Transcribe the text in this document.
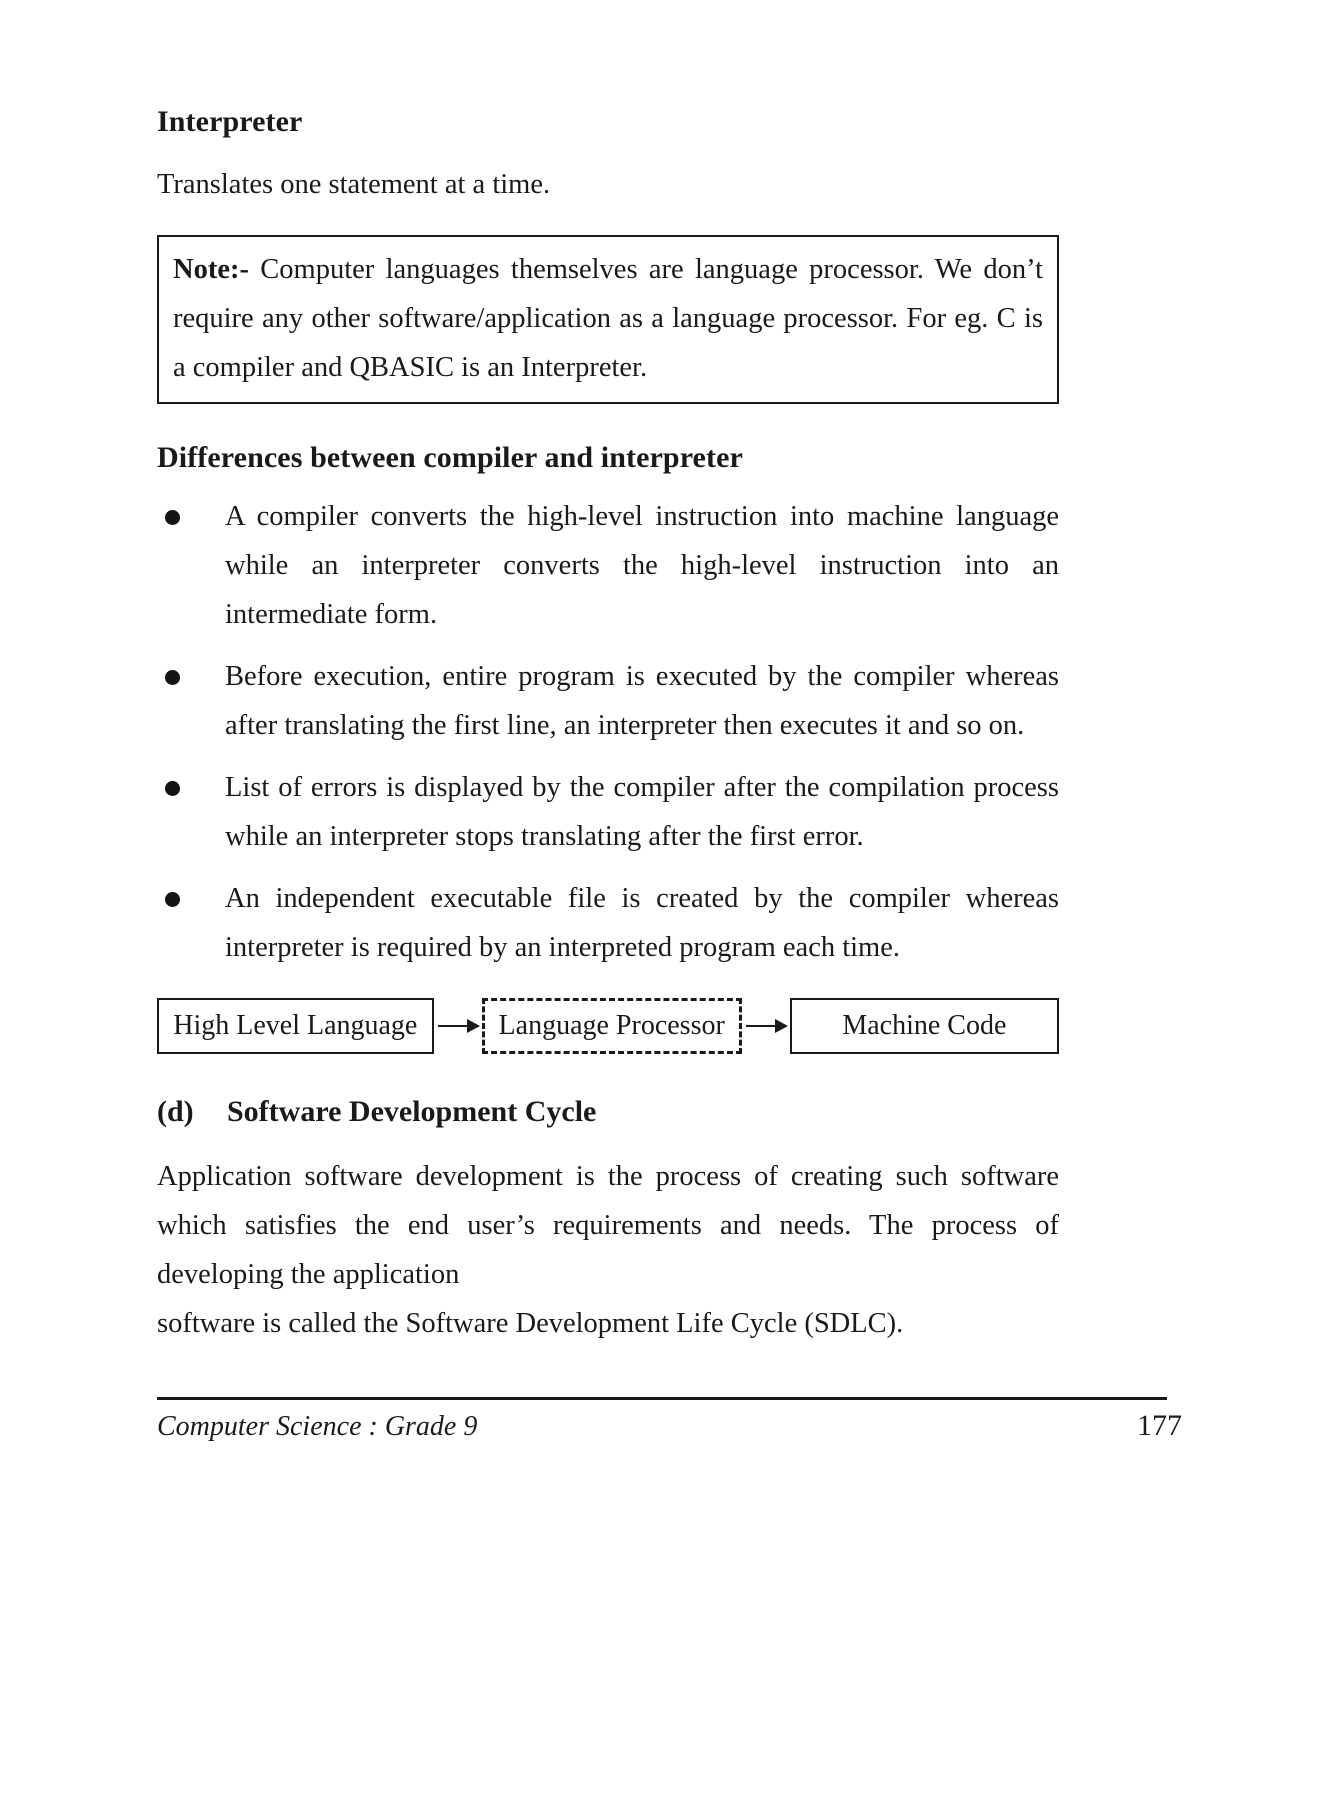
Interpreter

Translates one statement at a time.

Note:- Computer languages themselves are language processor. We don’t require any other software/application as a language processor. For eg. C is a compiler and QBASIC is an Interpreter.

Differences between compiler and interpreter
A compiler converts the high-level instruction into machine language while an interpreter converts the high-level instruction into an intermediate form.
Before execution, entire program is executed by the compiler whereas after translating the first line, an interpreter then executes it and so on.
List of errors is displayed by the compiler after the compilation process while an interpreter stops translating after the first error.
An independent executable file is created by the compiler whereas interpreter is required by an interpreted program each time.
High Level Language	Language Processor	Machine Code
(d)	Software Development Cycle

Application software development is the process of creating such software which satisfies the end user’s requirements and needs. The process of developing the application
software is called the Software Development Life Cycle (SDLC).

Computer Science : Grade 9	177
